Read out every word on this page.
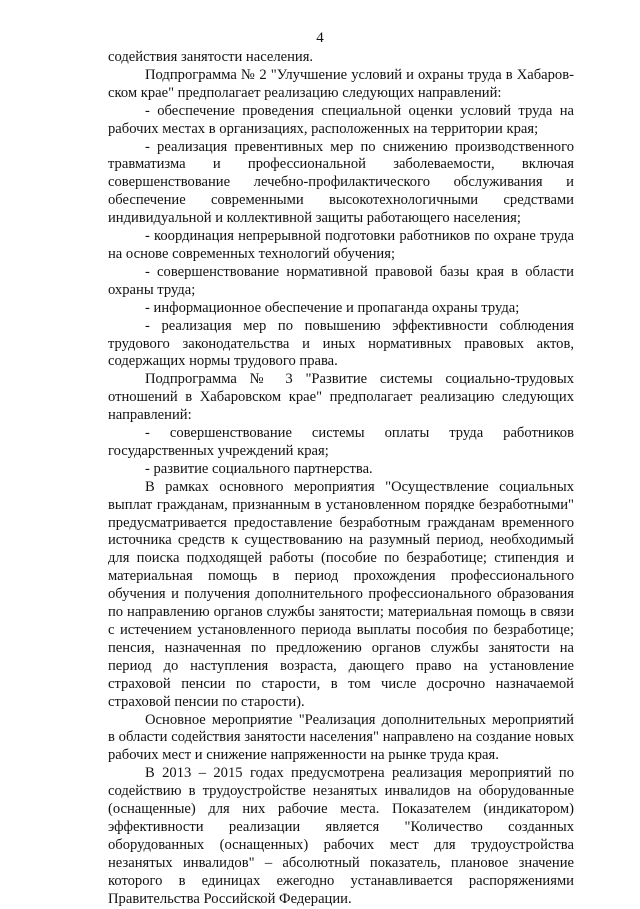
4

содействия занятости населения.

Подпрограмма № 2 "Улучшение условий и охраны труда в Хабаровском крае" предполагает реализацию следующих направлений:

- обеспечение проведения специальной оценки условий труда на рабочих местах в организациях, расположенных на территории края;

- реализация превентивных мер по снижению производственного травматизма и профессиональной заболеваемости, включая совершенствование лечебно-профилактического обслуживания и обеспечение современными высокотехнологичными средствами индивидуальной и коллективной защиты работающего населения;

- координация непрерывной подготовки работников по охране труда на основе современных технологий обучения;

- совершенствование нормативной правовой базы края в области охраны труда;

- информационное обеспечение и пропаганда охраны труда;

- реализация мер по повышению эффективности соблюдения трудового законодательства и иных нормативных правовых актов, содержащих нормы трудового права.

Подпрограмма № 3 "Развитие системы социально-трудовых отношений в Хабаровском крае" предполагает реализацию следующих направлений:

- совершенствование системы оплаты труда работников государственных учреждений края;

- развитие социального партнерства.

В рамках основного мероприятия "Осуществление социальных выплат гражданам, признанным в установленном порядке безработными" предусматривается предоставление безработным гражданам временного источника средств к существованию на разумный период, необходимый для поиска подходящей работы (пособие по безработице; стипендия и материальная помощь в период прохождения профессионального обучения и получения дополнительного профессионального образования по направлению органов службы занятости; материальная помощь в связи с истечением установленного периода выплаты пособия по безработице; пенсия, назначенная по предложению органов службы занятости на период до наступления возраста, дающего право на установление страховой пенсии по старости, в том числе досрочно назначаемой страховой пенсии по старости).

Основное мероприятие "Реализация дополнительных мероприятий в области содействия занятости населения" направлено на создание новых рабочих мест и снижение напряженности на рынке труда края.

В 2013 – 2015 годах предусмотрена реализация мероприятий по содействию в трудоустройстве незанятых инвалидов на оборудованные (оснащенные) для них рабочие места. Показателем (индикатором) эффективности реализации является "Количество созданных оборудованных (оснащенных) рабочих мест для трудоустройства незанятых инвалидов" – абсолютный показатель, плановое значение которого в единицах ежегодно устанавливается распоряжениями Правительства Российской Федерации.
